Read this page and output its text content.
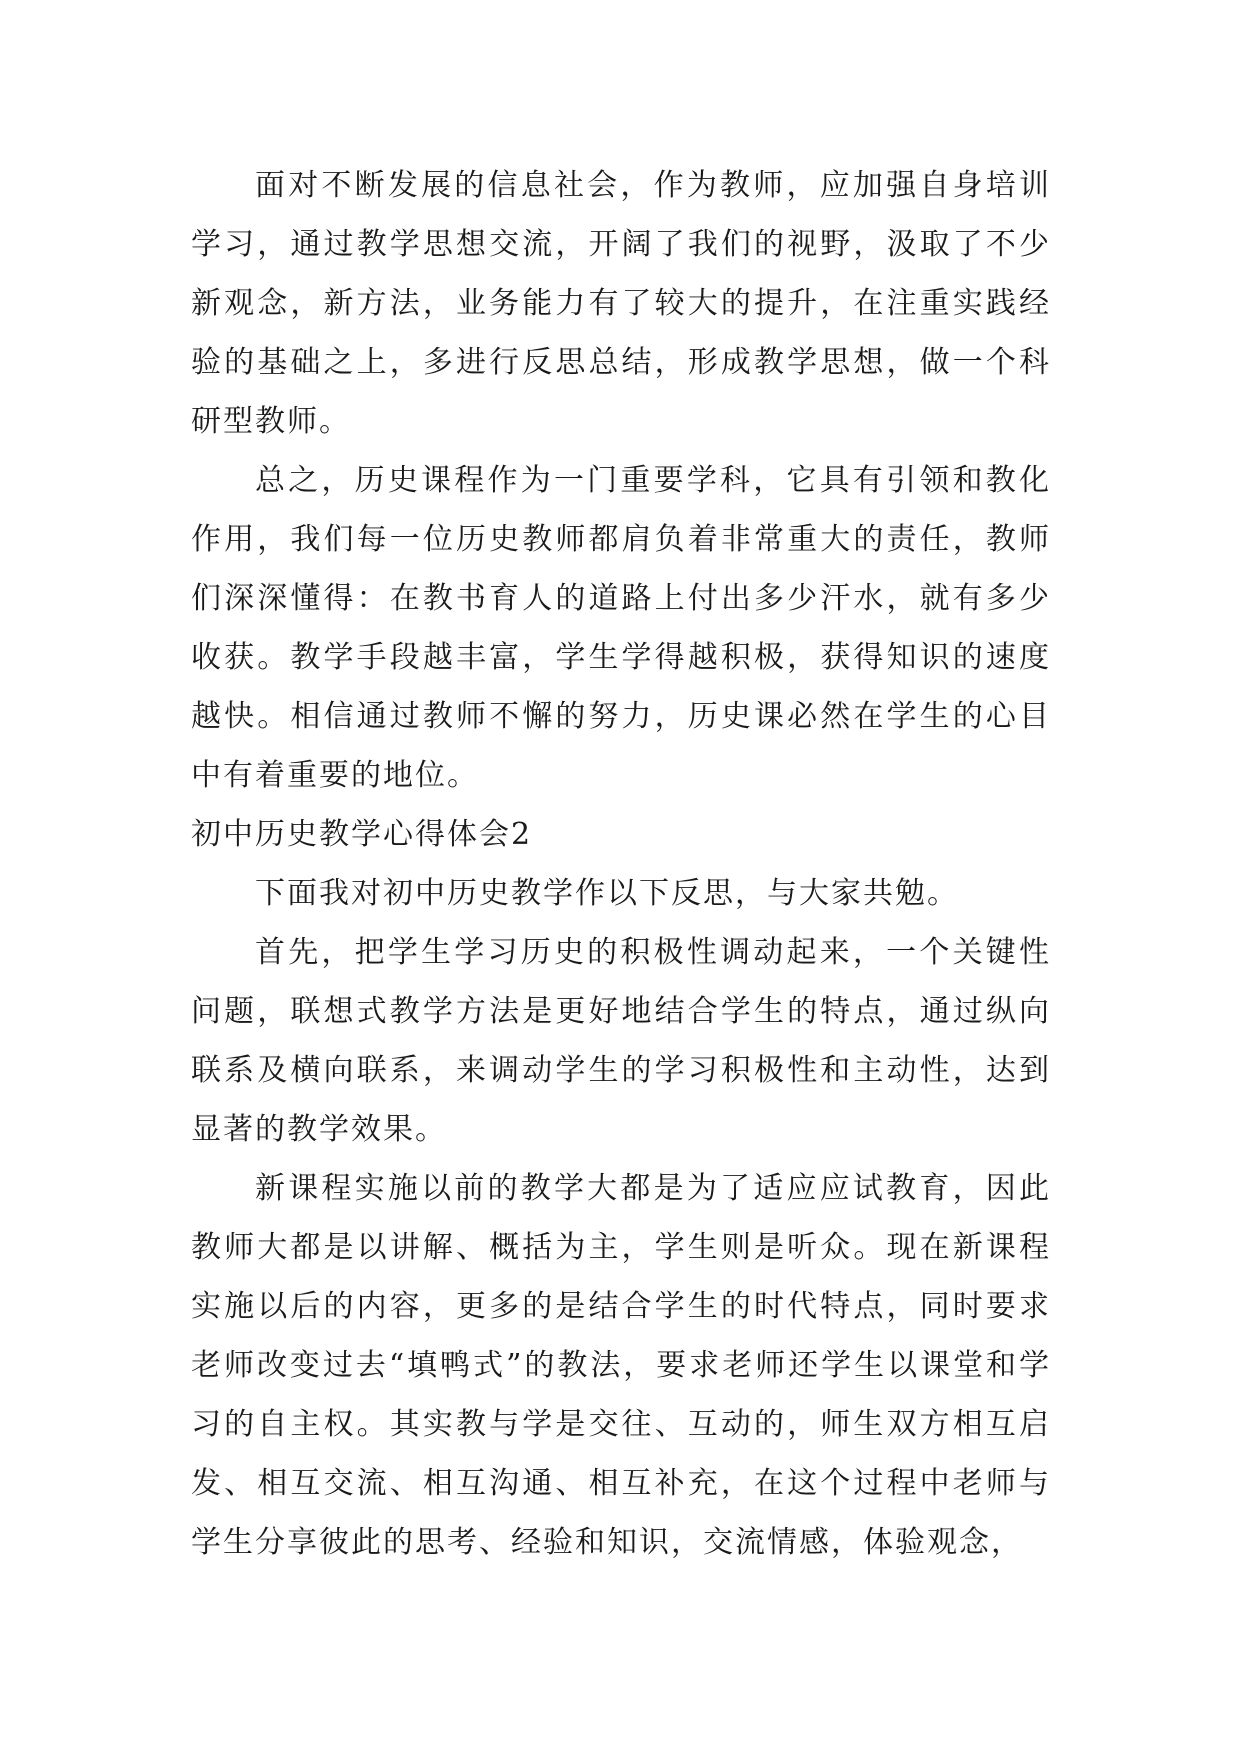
面对不断发展的信息社会，作为教师，应加强自身培训学习，通过教学思想交流，开阔了我们的视野，汲取了不少新观念，新方法，业务能力有了较大的提升，在注重实践经验的基础之上，多进行反思总结，形成教学思想，做一个科研型教师。

总之，历史课程作为一门重要学科，它具有引领和教化作用，我们每一位历史教师都肩负着非常重大的责任，教师们深深懂得：在教书育人的道路上付出多少汗水，就有多少收获。教学手段越丰富，学生学得越积极，获得知识的速度越快。相信通过教师不懈的努力，历史课必然在学生的心目中有着重要的地位。

初中历史教学心得体会2

下面我对初中历史教学作以下反思，与大家共勉。

首先，把学生学习历史的积极性调动起来，一个关键性问题，联想式教学方法是更好地结合学生的特点，通过纵向联系及横向联系，来调动学生的学习积极性和主动性，达到显著的教学效果。

新课程实施以前的教学大都是为了适应应试教育，因此教师大都是以讲解、概括为主，学生则是听众。现在新课程实施以后的内容，更多的是结合学生的时代特点，同时要求老师改变过去“填鸭式”的教法，要求老师还学生以课堂和学习的自主权。其实教与学是交往、互动的，师生双方相互启发、相互交流、相互沟通、相互补充，在这个过程中老师与学生分享彼此的思考、经验和知识，交流情感，体验观念，
